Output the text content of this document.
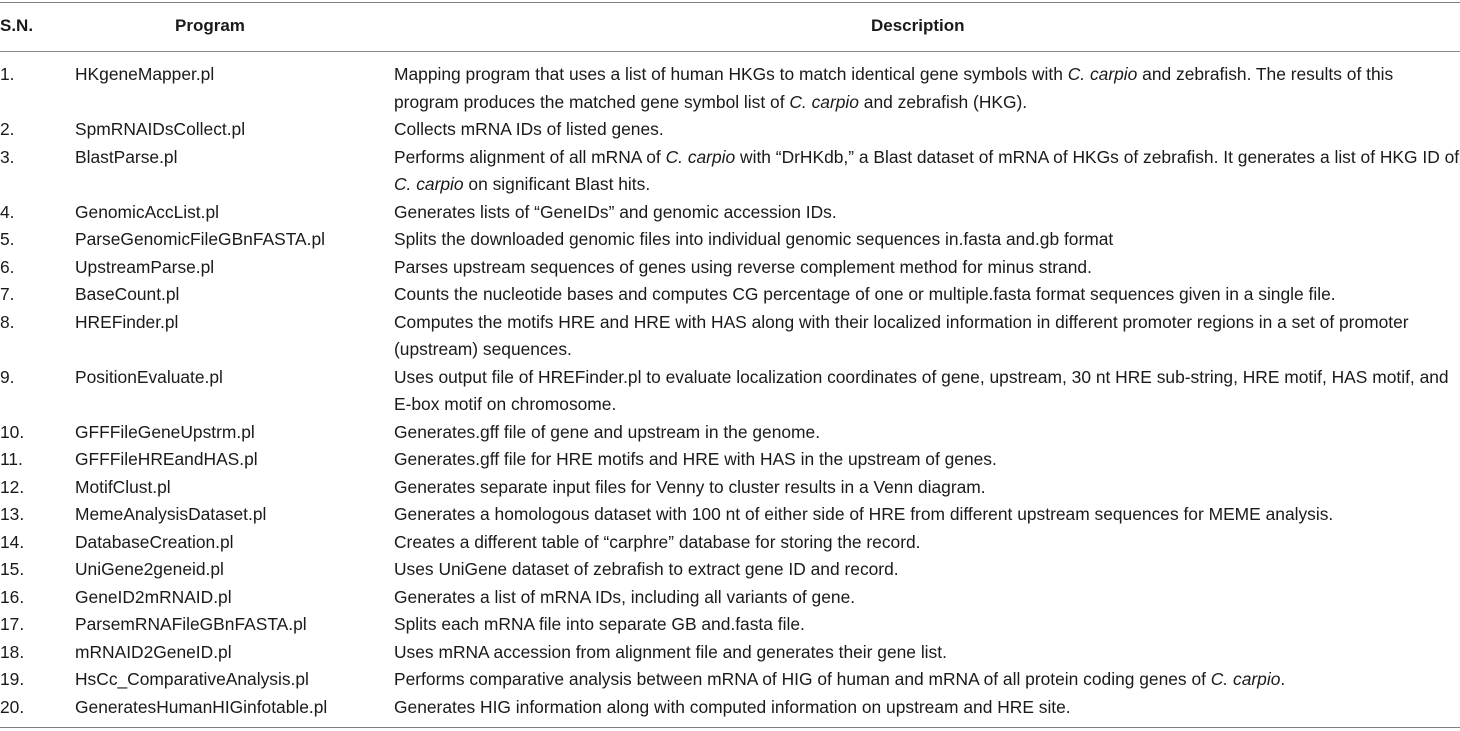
S.N.	Program	Description
1.	HKgeneMapper.pl	Mapping program that uses a list of human HKGs to match identical gene symbols with C. carpio and zebrafish. The results of this program produces the matched gene symbol list of C. carpio and zebrafish (HKG).
2.	SpmRNAIDsCollect.pl	Collects mRNA IDs of listed genes.
3.	BlastParse.pl	Performs alignment of all mRNA of C. carpio with “DrHKdb,” a Blast dataset of mRNA of HKGs of zebrafish. It generates a list of HKG ID of C. carpio on significant Blast hits.
4.	GenomicAccList.pl	Generates lists of “GeneIDs” and genomic accession IDs.
5.	ParseGenomicFileGBnFASTA.pl	Splits the downloaded genomic files into individual genomic sequences in.fasta and.gb format
6.	UpstreamParse.pl	Parses upstream sequences of genes using reverse complement method for minus strand.
7.	BaseCount.pl	Counts the nucleotide bases and computes CG percentage of one or multiple.fasta format sequences given in a single file.
8.	HREFinder.pl	Computes the motifs HRE and HRE with HAS along with their localized information in different promoter regions in a set of promoter (upstream) sequences.
9.	PositionEvaluate.pl	Uses output file of HREFinder.pl to evaluate localization coordinates of gene, upstream, 30 nt HRE sub-string, HRE motif, HAS motif, and E-box motif on chromosome.
10.	GFFFileGeneUpstrm.pl	Generates.gff file of gene and upstream in the genome.
11.	GFFFileHREandHAS.pl	Generates.gff file for HRE motifs and HRE with HAS in the upstream of genes.
12.	MotifClust.pl	Generates separate input files for Venny to cluster results in a Venn diagram.
13.	MemeAnalysisDataset.pl	Generates a homologous dataset with 100 nt of either side of HRE from different upstream sequences for MEME analysis.
14.	DatabaseCreation.pl	Creates a different table of “carphre” database for storing the record.
15.	UniGene2geneid.pl	Uses UniGene dataset of zebrafish to extract gene ID and record.
16.	GeneID2mRNAID.pl	Generates a list of mRNA IDs, including all variants of gene.
17.	ParsemRNAFileGBnFASTA.pl	Splits each mRNA file into separate GB and.fasta file.
18.	mRNAID2GeneID.pl	Uses mRNA accession from alignment file and generates their gene list.
19.	HsCc_ComparativeAnalysis.pl	Performs comparative analysis between mRNA of HIG of human and mRNA of all protein coding genes of C. carpio.
20.	GeneratesHumanHIGinfotable.pl	Generates HIG information along with computed information on upstream and HRE site.
